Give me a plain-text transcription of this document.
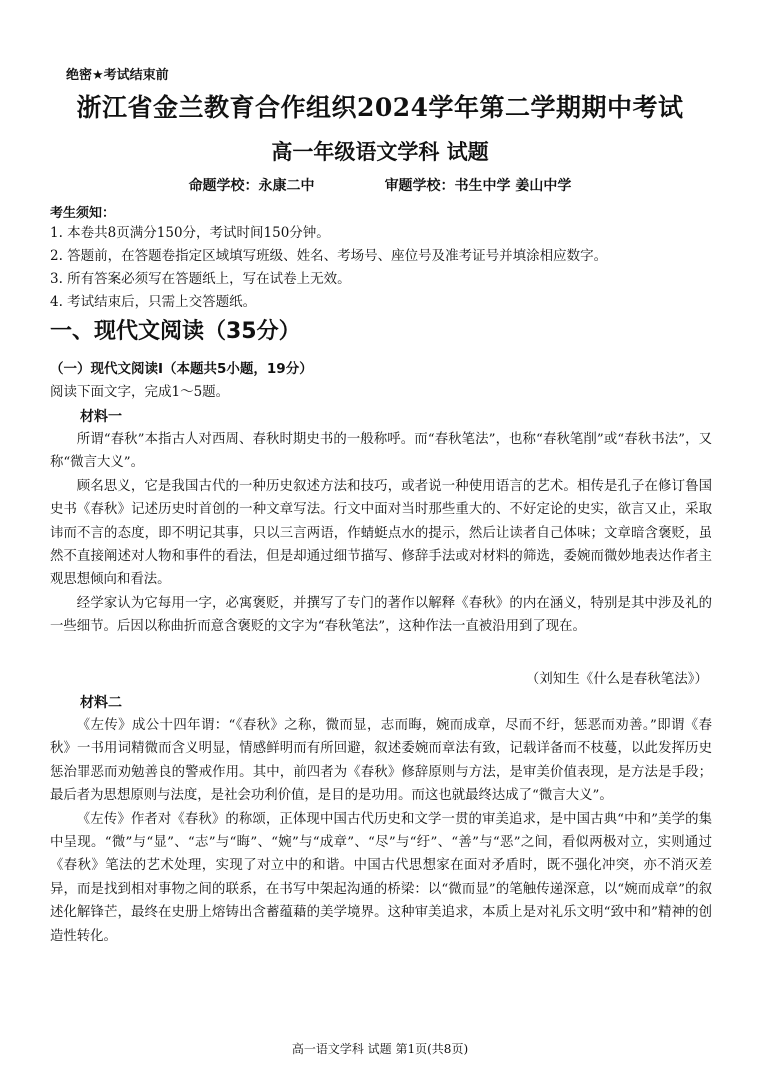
绝密★考试结束前
浙江省金兰教育合作组织2024学年第二学期期中考试
高一年级语文学科 试题
命题学校：永康二中	审题学校：书生中学 姜山中学
考生须知：
1. 本卷共8页满分150分，考试时间150分钟。
2. 答题前，在答题卷指定区域填写班级、姓名、考场号、座位号及准考证号并填涂相应数字。
3. 所有答案必须写在答题纸上，写在试卷上无效。
4. 考试结束后，只需上交答题纸。
一、现代文阅读（35分）
（一）现代文阅读Ⅰ（本题共5小题，19分）
阅读下面文字，完成1～5题。
材料一

所谓“春秋”本指古人对西周、春秋时期史书的一般称呼。而“春秋笔法”，也称“春秋笔削”或“春秋书法”，又称“微言大义”。

顾名思义，它是我国古代的一种历史叙述方法和技巧，或者说一种使用语言的艺术。相传是孔子在修订鲁国史书《春秋》记述历史时首创的一种文章写法。行文中面对当时那些重大的、不好定论的史实，欲言又止，采取讳而不言的态度，即不明记其事，只以三言两语，作蜻蜓点水的提示，然后让读者自己体味；文章暗含褒贬，虽然不直接阐述对人物和事件的看法，但是却通过细节描写、修辞手法或对材料的筛选，委婉而微妙地表达作者主观思想倾向和看法。

经学家认为它每用一字，必寓褒贬，并撰写了专门的著作以解释《春秋》的内在涵义，特别是其中涉及礼的一些细节。后因以称曲折而意含褒贬的文字为“春秋笔法”，这种作法一直被沿用到了现在。

（刘知生《什么是春秋笔法》）
材料二

《左传》成公十四年谓：“《春秋》之称，微而显，志而晦，婉而成章，尽而不纡，惩恶而劝善。”即谓《春秋》一书用词精微而含义明显，情感鲜明而有所回避，叙述委婉而章法有致，记载详备而不枝蔓，以此发挥历史惩治罪恶而劝勉善良的警戒作用。其中，前四者为《春秋》修辞原则与方法，是审美价值表现，是方法是手段；最后者为思想原则与法度，是社会功利价值，是目的是功用。而这也就最终达成了“微言大义”。

《左传》作者对《春秋》的称颂，正体现中国古代历史和文学一贯的审美追求，是中国古典“中和”美学的集中呈现。“微”与“显”、“志”与“晦”、“婉”与“成章”、“尽”与“纡”、“善”与“恶”之间，看似两极对立，实则通过《春秋》笔法的艺术处理，实现了对立中的和谐。中国古代思想家在面对矛盾时，既不强化冲突，亦不消灭差异，而是找到相对事物之间的联系，在书写中架起沟通的桥梁：以“微而显”的笔触传递深意，以“婉而成章”的叙述化解锋芒，最终在史册上熔铸出含蓄蕴藉的美学境界。这种审美追求，本质上是对礼乐文明“致中和”精神的创造性转化。

高一语文学科 试题 第1页(共8页)
